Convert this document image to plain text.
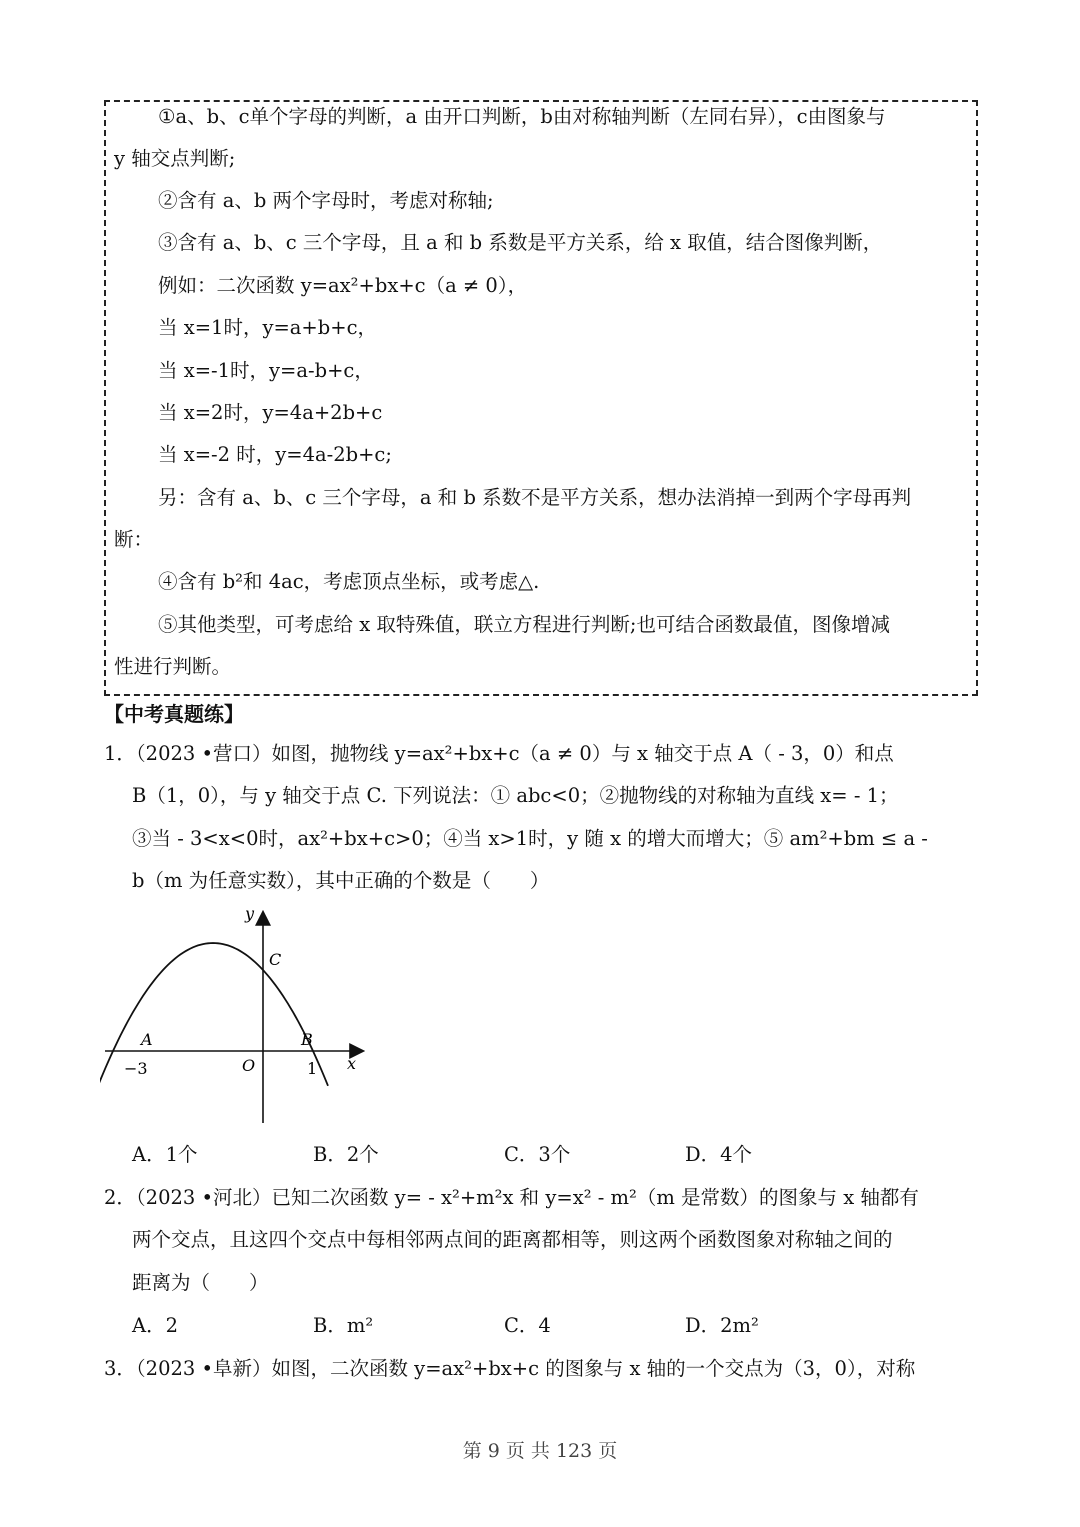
①a、b、c单个字母的判断，a 由开口判断，b由对称轴判断（左同右异），c由图象与
y 轴交点判断;
②含有 a、b 两个字母时，考虑对称轴;
③含有 a、b、c 三个字母，且 a 和 b 系数是平方关系，给 x 取值，结合图像判断，
例如：二次函数 y=ax²+bx+c（a ≠ 0），
当 x=1时，y=a+b+c，
当 x=-1时，y=a-b+c，
当 x=2时，y=4a+2b+c
当 x=-2 时，y=4a-2b+c;
另：含有 a、b、c 三个字母，a 和 b 系数不是平方关系，想办法消掉一到两个字母再判
断：
④含有 b²和 4ac，考虑顶点坐标，或考虑△.
⑤其他类型，可考虑给 x 取特殊值，联立方程进行判断;也可结合函数最值，图像增减
性进行判断。
【中考真题练】
1．（2023 •营口）如图，抛物线 y=ax²+bx+c（a ≠ 0）与 x 轴交于点 A（ - 3，0）和点
B（1，0），与 y 轴交于点 C. 下列说法：① abc<0；②抛物线的对称轴为直线 x= - 1；
③当 - 3<x<0时，ax²+bx+c>0；④当 x>1时，y 随 x 的增大而增大；⑤ am²+bm ≤ a -
b（m 为任意实数），其中正确的个数是（　　）
y
x
C
A	B
O
−3	1
A．1个	B．2个	C．3个	D．4个
2．（2023 •河北）已知二次函数 y= - x²+m²x 和 y=x² - m²（m 是常数）的图象与 x 轴都有
两个交点，且这四个交点中每相邻两点间的距离都相等，则这两个函数图象对称轴之间的
距离为（　　）
A．2	B．m²	C．4	D．2m²
3．（2023 •阜新）如图，二次函数 y=ax²+bx+c 的图象与 x 轴的一个交点为（3，0），对称
第 9 页 共 123 页
